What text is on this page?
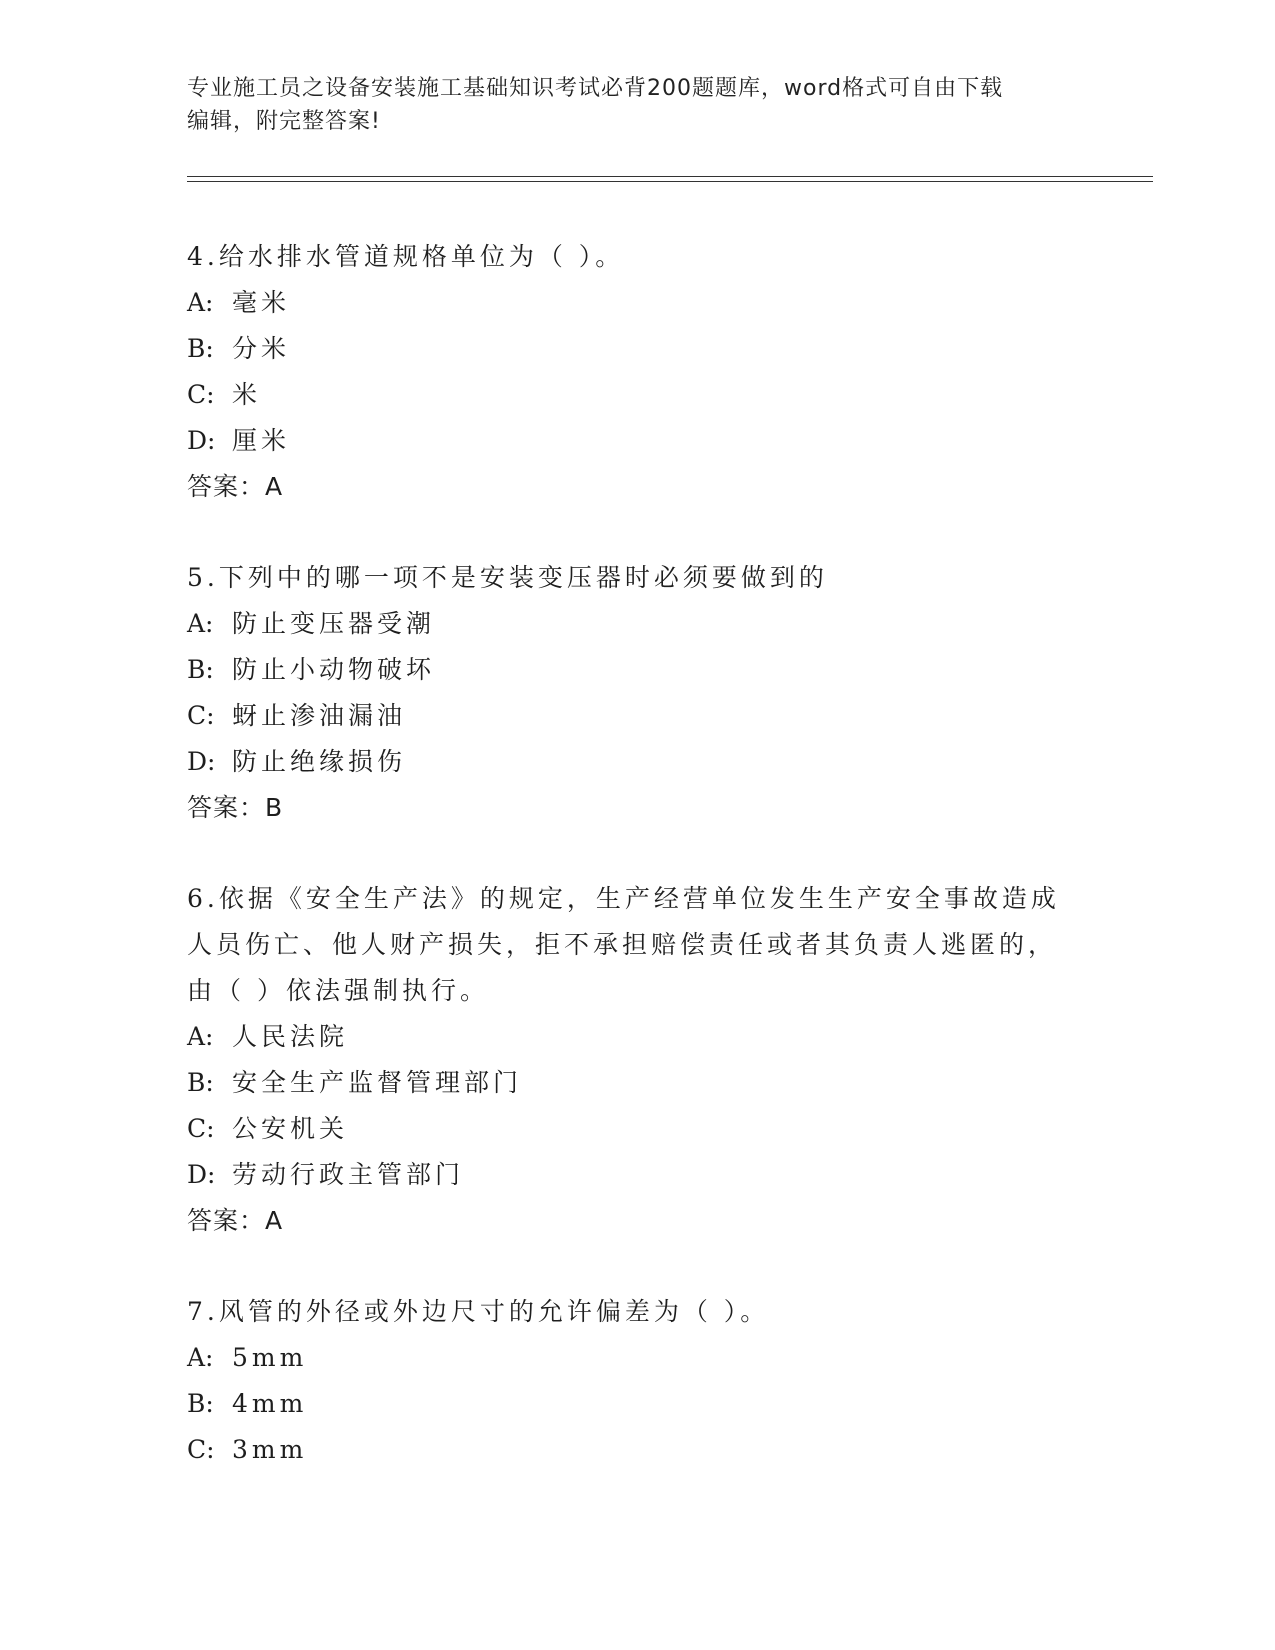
专业施工员之设备安装施工基础知识考试必背200题题库，word格式可自由下载
编辑，附完整答案!
4.给水排水管道规格单位为（ ）。
A: 毫米
B: 分米
C: 米
D: 厘米
答案：A
5.下列中的哪一项不是安装变压器时必须要做到的
A: 防止变压器受潮
B: 防止小动物破坏
C: 蚜止渗油漏油
D: 防止绝缘损伤
答案：B
6.依据《安全生产法》的规定，生产经营单位发生生产安全事故造成
人员伤亡、他人财产损失，拒不承担赔偿责任或者其负责人逃匿的，
由（ ）依法强制执行。
A: 人民法院
B: 安全生产监督管理部门
C: 公安机关
D: 劳动行政主管部门
答案：A
7.风管的外径或外边尺寸的允许偏差为（ ）。
A: 5mm
B: 4mm
C: 3mm
